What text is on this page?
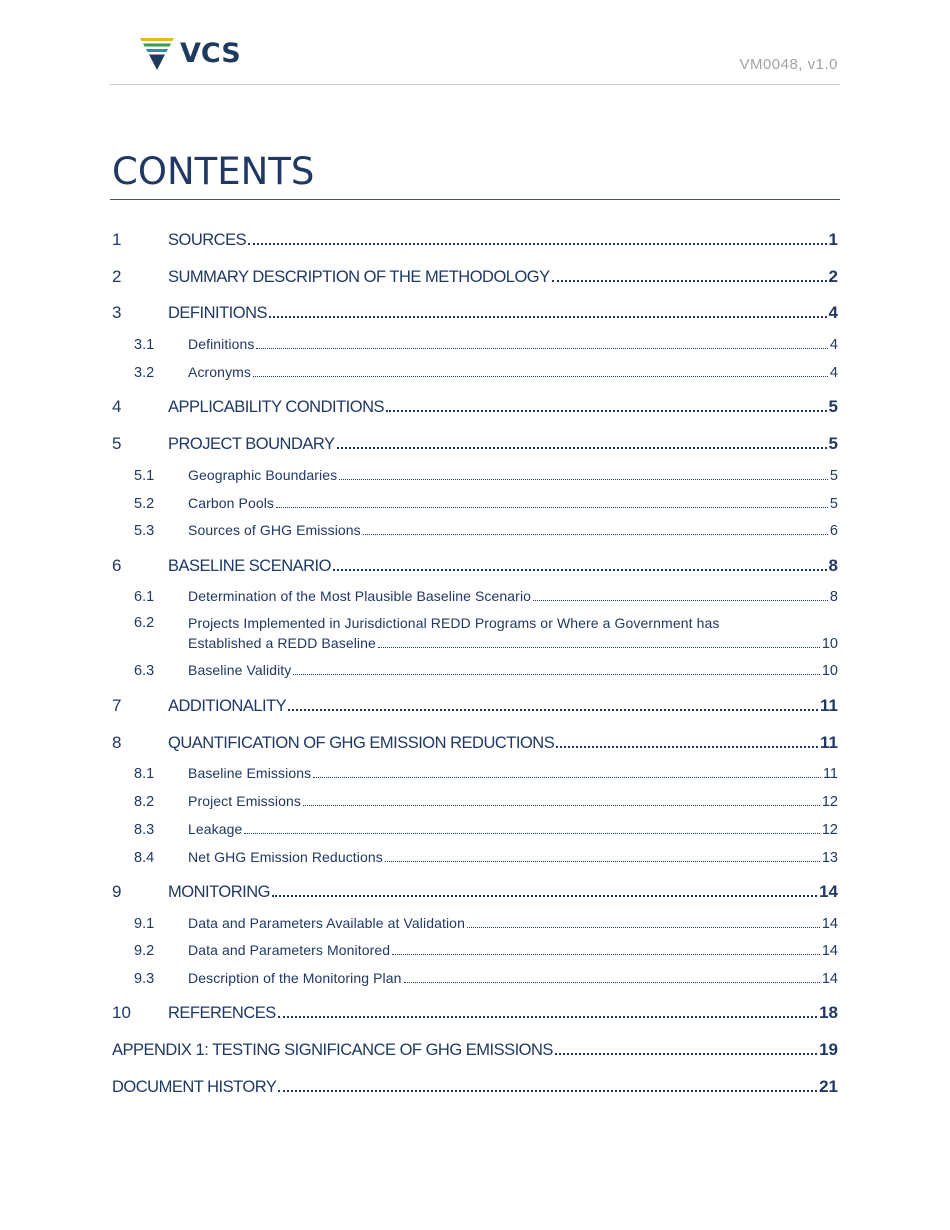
VCS	VM0048, v1.0
CONTENTS
1	SOURCES	1
2	SUMMARY DESCRIPTION OF THE METHODOLOGY	2
3	DEFINITIONS	4
3.1	Definitions	4
3.2	Acronyms	4
4	APPLICABILITY CONDITIONS	5
5	PROJECT BOUNDARY	5
5.1	Geographic Boundaries	5
5.2	Carbon Pools	5
5.3	Sources of GHG Emissions	6
6	BASELINE SCENARIO	8
6.1	Determination of the Most Plausible Baseline Scenario	8
6.2 Projects Implemented in Jurisdictional REDD Programs or Where a Government has
Established a REDD Baseline	10
6.3	Baseline Validity	10
7	ADDITIONALITY	11
8	QUANTIFICATION OF GHG EMISSION REDUCTIONS	11
8.1	Baseline Emissions	11
8.2	Project Emissions	12
8.3	Leakage	12
8.4	Net GHG Emission Reductions	13
9	MONITORING	14
9.1	Data and Parameters Available at Validation	14
9.2	Data and Parameters Monitored	14
9.3	Description of the Monitoring Plan	14
10	REFERENCES	18
APPENDIX 1: TESTING SIGNIFICANCE OF GHG EMISSIONS	19
DOCUMENT HISTORY	21
